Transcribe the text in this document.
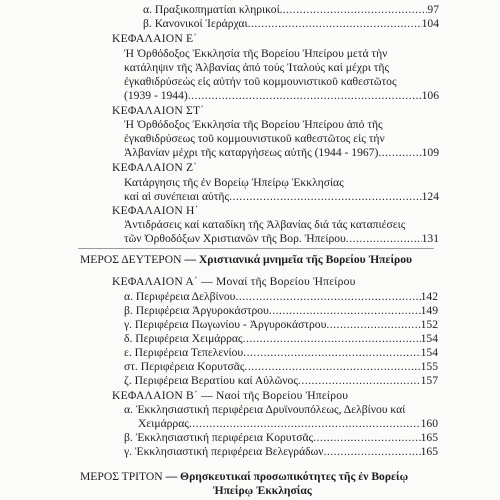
α. Πραξικοπηματίαι κληρικοί. .....	97
β. Κανονικοί Ἱεράρχαι .....	104
ΚΕΦΑΛΑΙΟΝ Ε΄
Ἡ Ὀρθόδοξος Ἐκκλησία τῆς Βορείου Ἠπείρου μετά τὴν
κατάληψιν τῆς Ἀλβανίας ἀπό τούς Ἰταλούς καί μέχρι τῆς
ἐγκαθιδρύσεώς εἰς αὐτήν τοῦ κομμουνιστικοῦ καθεστῶτος
(1939 - 1944) .....	106
ΚΕΦΑΛΑΙΟΝ ΣΤ΄
Ἡ Ὀρθόδοξος Ἐκκλησία τῆς Βορείου Ἠπείρου ἀπό τῆς
ἐγκαθιδρύσεως τοῦ κομμουνιστικοῦ καθεστῶτος εἰς τήν
Ἀλβανίαν μέχρι τῆς καταργήσεως αὐτῆς (1944 - 1967) .....	109
ΚΕΦΑΛΑΙΟΝ Ζ΄
Κατάργησις τῆς ἐν Βορείῳ Ἠπείρῳ Ἐκκλησίας
καί αἱ συνέπειαι αὐτῆς .....	124
ΚΕΦΑΛΑΙΟΝ Η΄
Ἀντιδράσεις καί καταδίκη τῆς Ἀλβανίας διά τάς καταπιέσεις
τῶν Ὀρθοδόξων Χριστιανῶν τῆς Βορ. Ἠπείρου .....	131
ΜΕΡΟΣ ΔΕΥΤΕΡΟΝ — Χριστιανικά μνημεῖα τῆς Βορείου Ἠπείρου
ΚΕΦΑΛΑΙΟΝ Α΄ — Μοναί τῆς Βορείου Ἠπείρου
α. Περιφέρεια Δελβίνου .....	142
β. Περιφέρεια Ἀργυροκάστρου .....	149
γ. Περιφέρεια Πωγωνίου - Ἀργυροκάστρου .....	152
δ. Περιφέρεια Χειμάρρας .....	154
ε. Περιφέρεια Τεπελενίου .....	154
στ. Περιφέρεια Κορυτσᾶς .....	155
ζ. Περιφέρεια Βερατίου καί Αὐλῶνος .....	157
ΚΕΦΑΛΑΙΟΝ Β΄ — Ναοί τῆς Βορείου Ἠπείρου
α. Ἐκκλησιαστική περιφέρεια Δρυϊνουπόλεως, Δελβίνου καί
Χειμάρρας .....	160
β. Ἐκκλησιαστική περιφέρεια Κορυτσᾶς .....	165
γ. Ἐκκλησιαστική περιφέρεια Βελεγράδων .....	165
ΜΕΡΟΣ ΤΡΙΤΟΝ — Θρησκευτικαί προσωπικότητες τῆς ἐν Βορείῳ
Ἠπείρῳ Ἐκκλησίας
